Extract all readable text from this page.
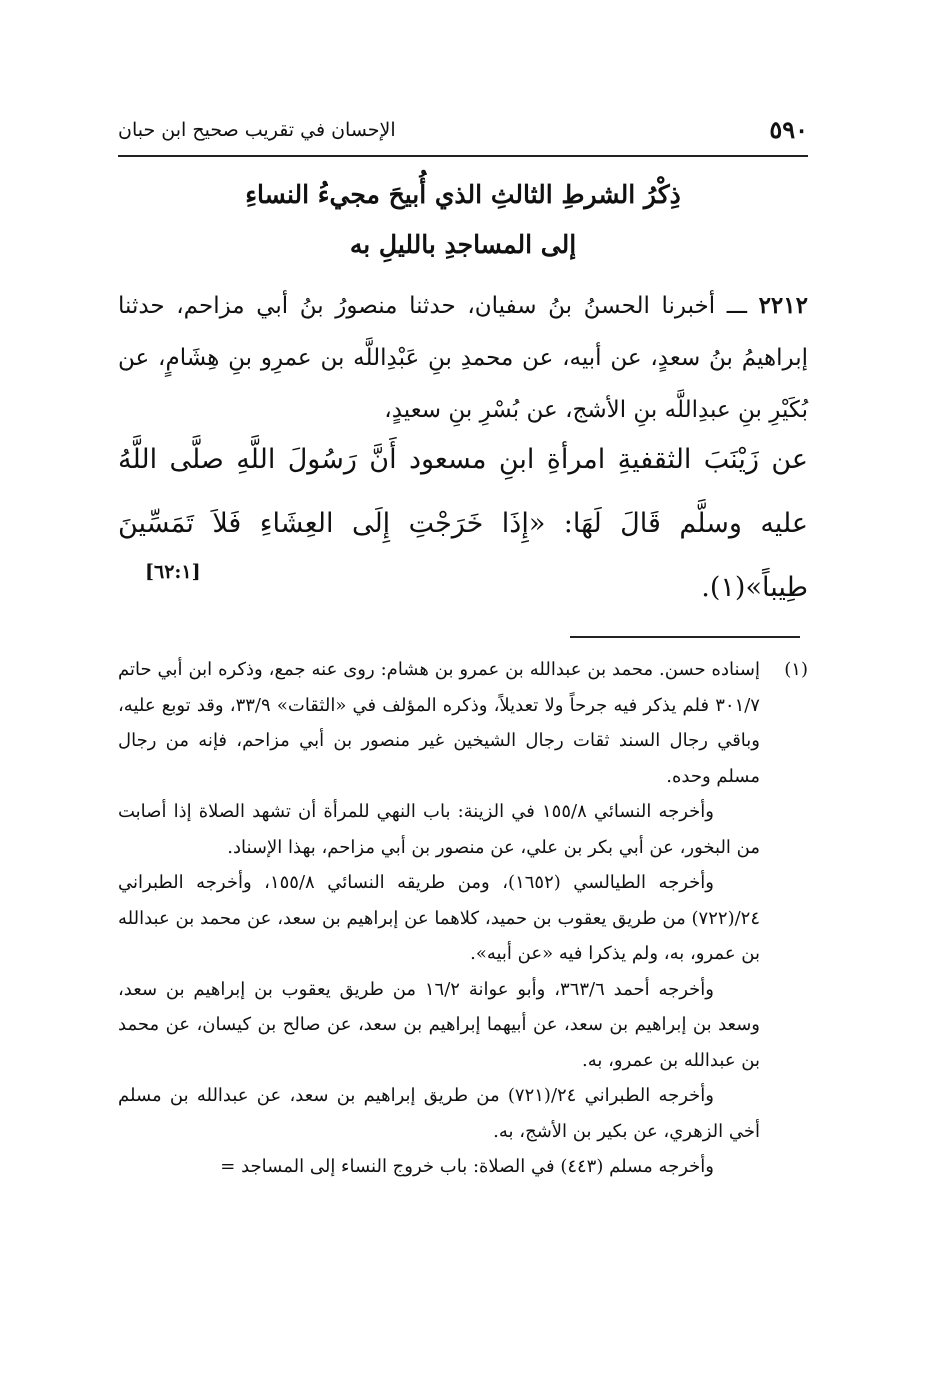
٥٩٠
الإحسان في تقريب صحيح ابن حبان
ذِكْرُ الشرطِ الثالثِ الذي أُبيحَ مجيءُ النساءِ
إلى المساجدِ بالليلِ به
٢٢١٢ ـــ أخبرنا الحسنُ بنُ سفيان، حدثنا منصورُ بنُ أبي مزاحم، حدثنا إبراهيمُ بنُ سعدٍ، عن أبيه، عن محمدِ بنِ عَبْدِاللَّه بن عمرِو بنِ هِشَامٍ، عن بُكَيْرِ بنِ عبدِاللَّه بنِ الأشج، عن بُسْرِ بنِ سعيدٍ،
عن زَيْنَبَ الثقفيةِ امرأةِ ابنِ مسعود أَنَّ رَسُولَ اللَّهِ صلَّى اللَّهُ عليه وسلَّم قَالَ لَهَا: «إِذَا خَرَجْتِ إِلَى العِشَاءِ فَلاَ تَمَسِّينَ طِيباً»(١).
[٦٢:١]

(١)
إسناده حسن. محمد بن عبدالله بن عمرو بن هشام: روى عنه جمع، وذكره ابن أبي حاتم ٣٠١/٧ فلم يذكر فيه جرحاً ولا تعديلاً، وذكره المؤلف في «الثقات» ٣٣/٩، وقد توبع عليه، وباقي رجال السند ثقات رجال الشيخين غير منصور بن أبي مزاحم، فإنه من رجال مسلم وحده.

وأخرجه النسائي ١٥٥/٨ في الزينة: باب النهي للمرأة أن تشهد الصلاة إذا أصابت من البخور، عن أبي بكر بن علي، عن منصور بن أبي مزاحم، بهذا الإسناد.

وأخرجه الطيالسي (١٦٥٢)، ومن طريقه النسائي ١٥٥/٨، وأخرجه الطبراني ٢٤/(٧٢٢) من طريق يعقوب بن حميد، كلاهما عن إبراهيم بن سعد، عن محمد بن عبدالله بن عمرو، به، ولم يذكرا فيه «عن أبيه».

وأخرجه أحمد ٣٦٣/٦، وأبو عوانة ١٦/٢ من طريق يعقوب بن إبراهيم بن سعد، وسعد بن إبراهيم بن سعد، عن أبيهما إبراهيم بن سعد، عن صالح بن كيسان، عن محمد بن عبدالله بن عمرو، به.

وأخرجه الطبراني ٢٤/(٧٢١) من طريق إبراهيم بن سعد، عن عبدالله بن مسلم أخي الزهري، عن بكير بن الأشج، به.

وأخرجه مسلم (٤٤٣) في الصلاة: باب خروج النساء إلى المساجد =
